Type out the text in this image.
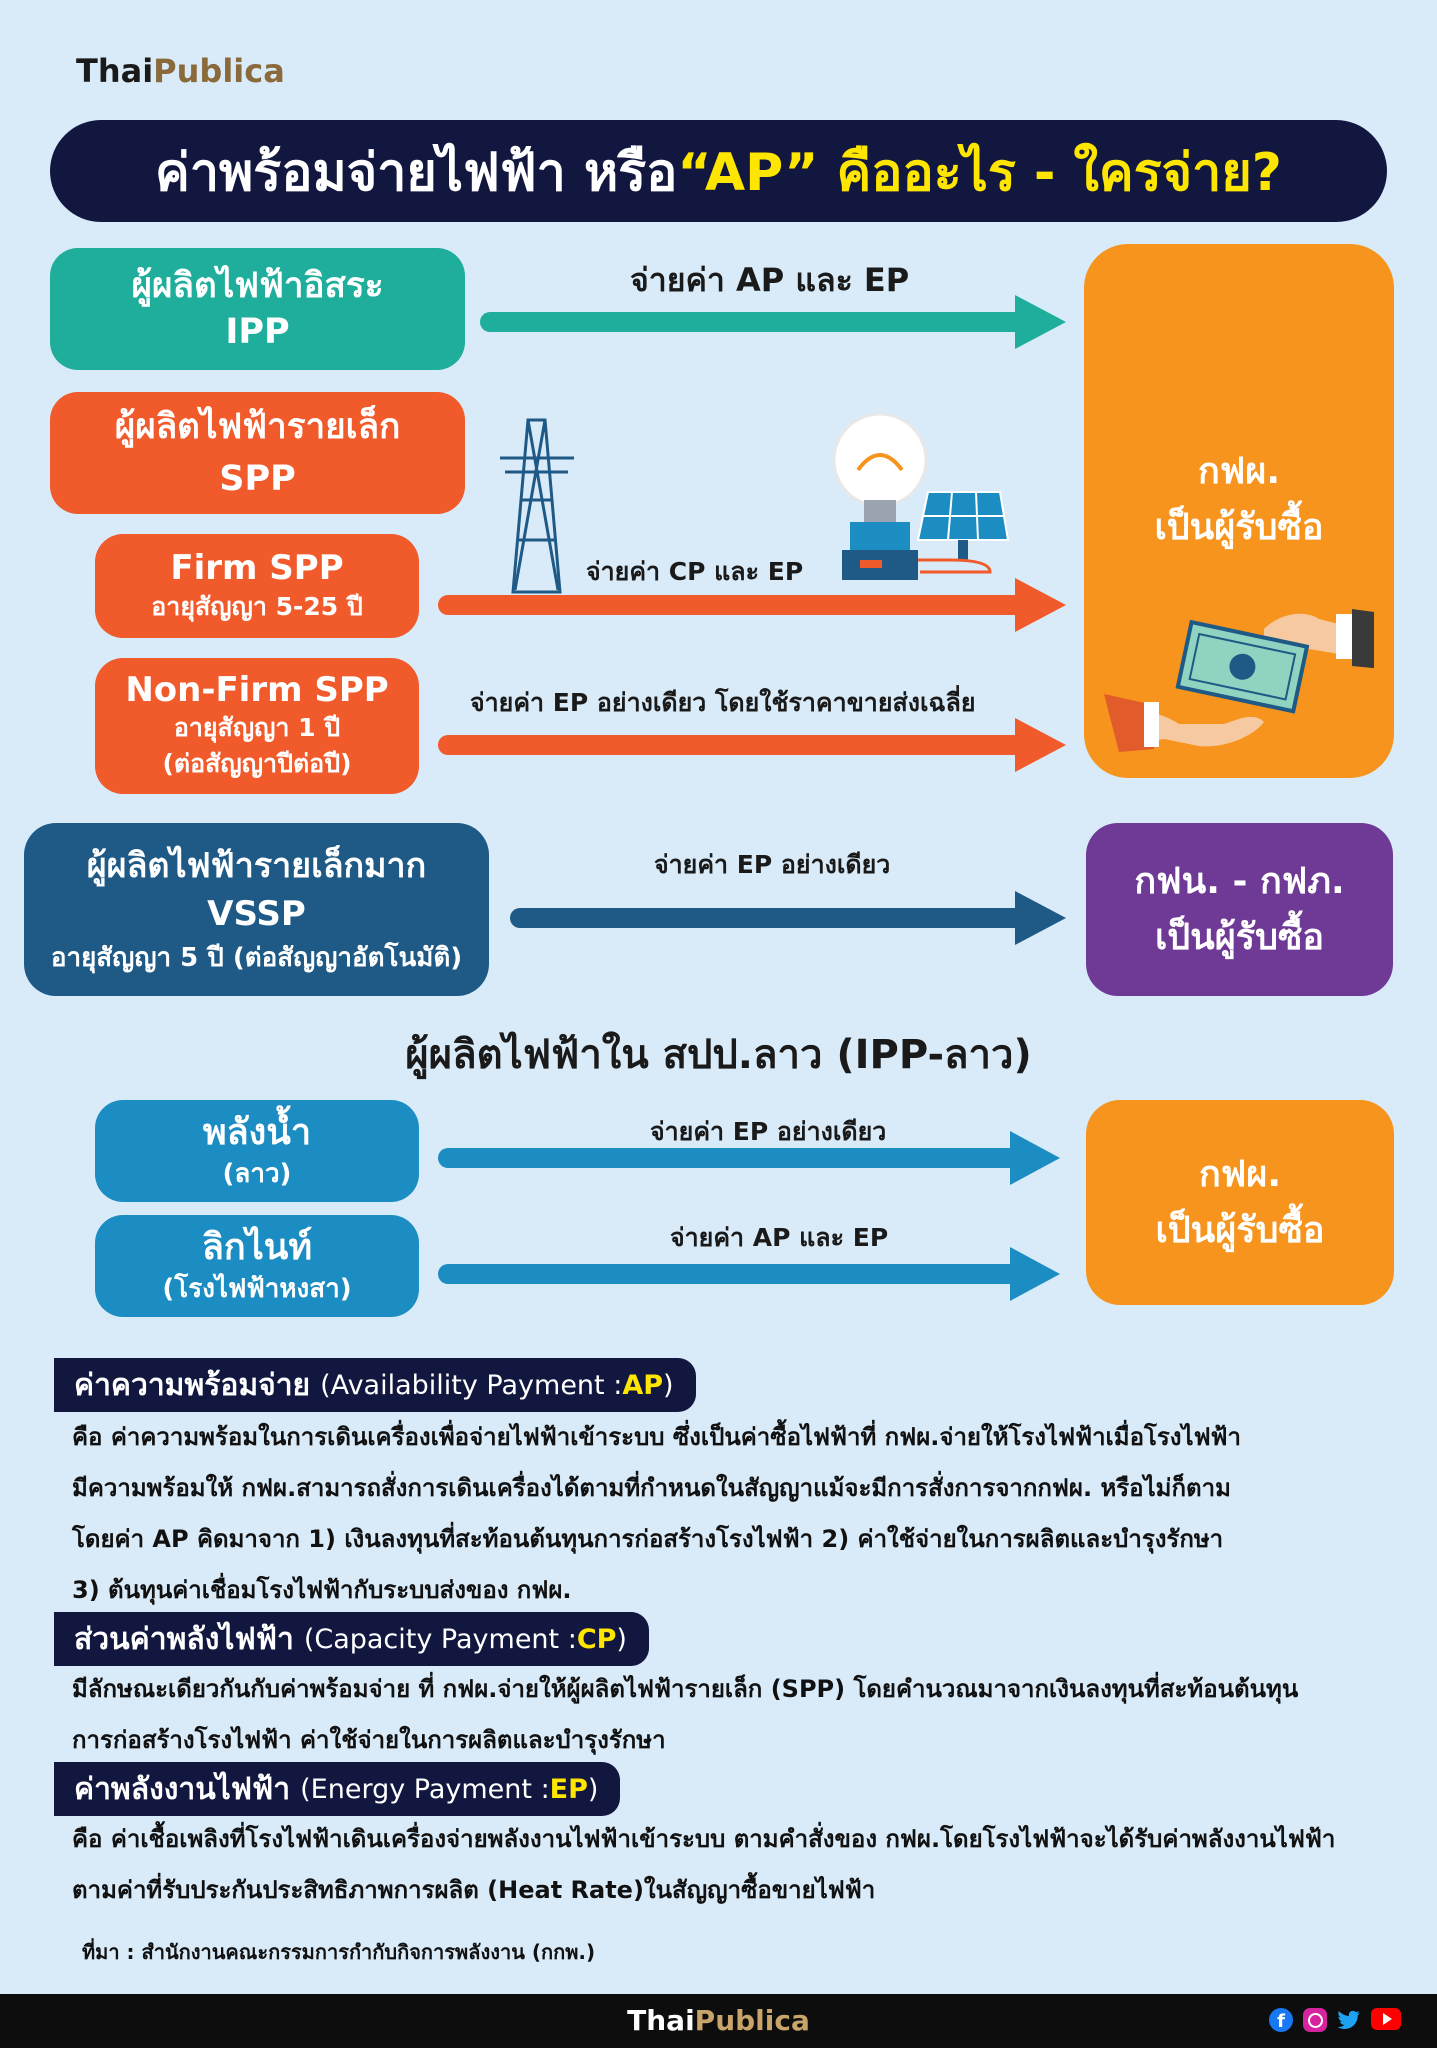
ThaiPublica
ค่าพร้อมจ่ายไฟฟ้า หรือ “AP” คืออะไร - ใครจ่าย?
ผู้ผลิตไฟฟ้าอิสระ
IPP
ผู้ผลิตไฟฟ้ารายเล็ก
SPP
Firm SPP
อายุสัญญา 5-25 ปี
Non-Firm SPP
อายุสัญญา 1 ปี
(ต่อสัญญาปีต่อปี)
ผู้ผลิตไฟฟ้ารายเล็กมาก
VSSP
อายุสัญญา 5 ปี (ต่อสัญญาอัตโนมัติ)
กฟผ.
เป็นผู้รับซื้อ
กฟน. - กฟภ.
เป็นผู้รับซื้อ
ผู้ผลิตไฟฟ้าใน สปป.ลาว (IPP-ลาว)
พลังน้ำ
(ลาว)
ลิกไนท์
(โรงไฟฟ้าหงสา)
กฟผ.
เป็นผู้รับซื้อ
จ่ายค่า AP และ EP
จ่ายค่า CP และ EP
จ่ายค่า EP อย่างเดียว โดยใช้ราคาขายส่งเฉลี่ย
จ่ายค่า EP อย่างเดียว
จ่ายค่า EP อย่างเดียว
จ่ายค่า AP และ EP
ค่าความพร้อมจ่าย (Availability Payment : AP )

คือ ค่าความพร้อมในการเดินเครื่องเพื่อจ่ายไฟฟ้าเข้าระบบ ซึ่งเป็นค่าซื้อไฟฟ้าที่ กฟผ.จ่ายให้โรงไฟฟ้าเมื่อโรงไฟฟ้า

มีความพร้อมให้ กฟผ.สามารถสั่งการเดินเครื่องได้ตามที่กำหนดในสัญญาแม้จะมีการสั่งการจากกฟผ. หรือไม่ก็ตาม

โดยค่า AP คิดมาจาก 1) เงินลงทุนที่สะท้อนต้นทุนการก่อสร้างโรงไฟฟ้า 2) ค่าใช้จ่ายในการผลิตและบำรุงรักษา

3) ต้นทุนค่าเชื่อมโรงไฟฟ้ากับระบบส่งของ กฟผ.

ส่วนค่าพลังไฟฟ้า (Capacity Payment : CP )

มีลักษณะเดียวกันกับค่าพร้อมจ่าย ที่ กฟผ.จ่ายให้ผู้ผลิตไฟฟ้ารายเล็ก (SPP) โดยคำนวณมาจากเงินลงทุนที่สะท้อนต้นทุน

การก่อสร้างโรงไฟฟ้า ค่าใช้จ่ายในการผลิตและบำรุงรักษา

ค่าพลังงานไฟฟ้า (Energy Payment : EP )

คือ ค่าเชื้อเพลิงที่โรงไฟฟ้าเดินเครื่องจ่ายพลังงานไฟฟ้าเข้าระบบ ตามคำสั่งของ กฟผ.โดยโรงไฟฟ้าจะได้รับค่าพลังงานไฟฟ้า

ตามค่าที่รับประกันประสิทธิภาพการผลิต (Heat Rate)ในสัญญาซื้อขายไฟฟ้า

ที่มา : สำนักงานคณะกรรมการกำกับกิจการพลังงาน (กกพ.)
ThaiPublica	f
